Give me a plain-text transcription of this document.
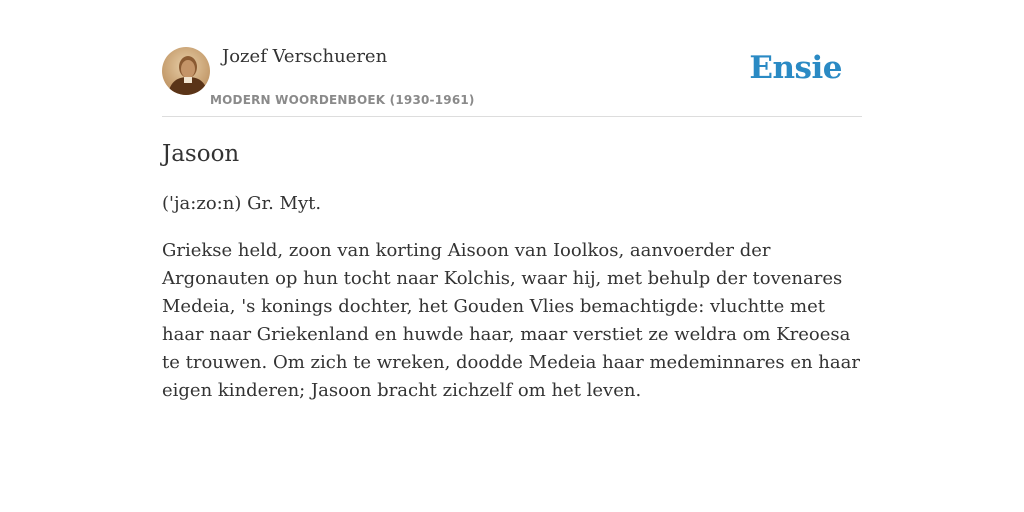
Jozef Verschueren
MODERN WOORDENBOEK (1930-1961)
Ensie
Jasoon

('ja:zo:n) Gr. Myt.

Griekse held, zoon van korting Aisoon van Ioolkos, aanvoerder der Argonauten op hun tocht naar Kolchis, waar hij, met behulp der tovenares Medeia, 's konings dochter, het Gouden Vlies bemachtigde: vluchtte met haar naar Griekenland en huwde haar, maar verstiet ze weldra om Kreoesa te trouwen. Om zich te wreken, doodde Medeia haar medeminnares en haar eigen kinderen; Jasoon bracht zichzelf om het leven.
